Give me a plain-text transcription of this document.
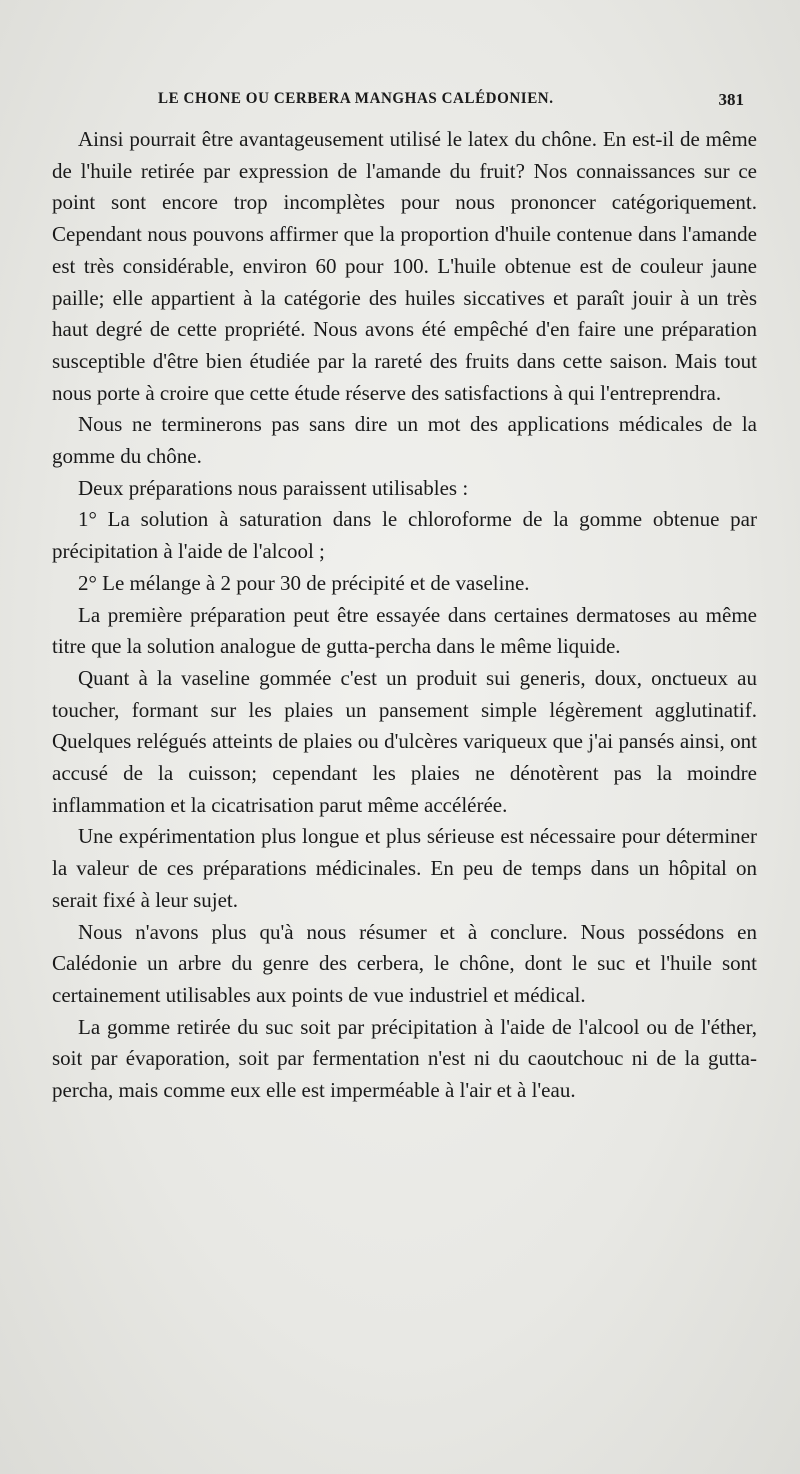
LE CHONE OU CERBERA MANGHAS CALÉDONIEN.	381

Ainsi pourrait être avantageusement utilisé le latex du chône. En est-il de même de l'huile retirée par expression de l'amande du fruit? Nos connaissances sur ce point sont encore trop incomplètes pour nous prononcer catégoriquement. Cependant nous pouvons affirmer que la proportion d'huile contenue dans l'amande est très considérable, environ 60 pour 100. L'huile obtenue est de couleur jaune paille; elle appartient à la catégorie des huiles siccatives et paraît jouir à un très haut degré de cette propriété. Nous avons été empêché d'en faire une préparation susceptible d'être bien étudiée par la rareté des fruits dans cette saison. Mais tout nous porte à croire que cette étude réserve des satisfactions à qui l'entreprendra.

Nous ne terminerons pas sans dire un mot des applications médicales de la gomme du chône.

Deux préparations nous paraissent utilisables :

1° La solution à saturation dans le chloroforme de la gomme obtenue par précipitation à l'aide de l'alcool ;

2° Le mélange à 2 pour 30 de précipité et de vaseline.

La première préparation peut être essayée dans certaines dermatoses au même titre que la solution analogue de gutta-percha dans le même liquide.

Quant à la vaseline gommée c'est un produit sui generis, doux, onctueux au toucher, formant sur les plaies un pansement simple légèrement agglutinatif. Quelques relégués atteints de plaies ou d'ulcères variqueux que j'ai pansés ainsi, ont accusé de la cuisson; cependant les plaies ne dénotèrent pas la moindre inflammation et la cicatrisation parut même accélérée.

Une expérimentation plus longue et plus sérieuse est nécessaire pour déterminer la valeur de ces préparations médicinales. En peu de temps dans un hôpital on serait fixé à leur sujet.

Nous n'avons plus qu'à nous résumer et à conclure. Nous possédons en Calédonie un arbre du genre des cerbera, le chône, dont le suc et l'huile sont certainement utilisables aux points de vue industriel et médical.

La gomme retirée du suc soit par précipitation à l'aide de l'alcool ou de l'éther, soit par évaporation, soit par fermentation n'est ni du caoutchouc ni de la gutta-percha, mais comme eux elle est imperméable à l'air et à l'eau.
